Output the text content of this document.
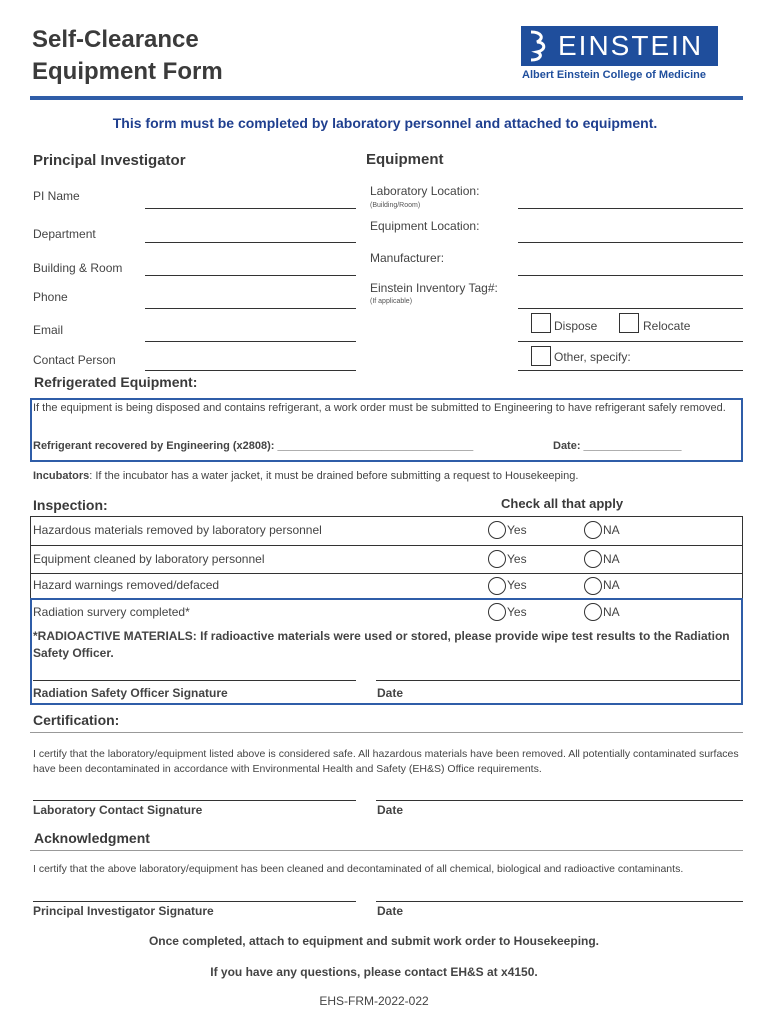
Self-Clearance
Equipment Form
EINSTEIN
Albert Einstein College of Medicine
This form must be completed by laboratory personnel and attached to equipment.
Principal Investigator
PI Name
Department
Building & Room
Phone
Email
Contact Person
Equipment
Laboratory Location:
(Building/Room)
Equipment Location:
Manufacturer:
Einstein Inventory Tag#:
(If applicable)
Dispose	Relocate
Other, specify:
Refrigerated Equipment:
If the equipment is being disposed and contains refrigerant, a work order must be submitted to Engineering to have refrigerant safely removed.
Refrigerant recovered by Engineering (x2808): ________________________________	Date: ________________
Incubators: If the incubator has a water jacket, it must be drained before submitting a request to Housekeeping.
Inspection:	Check all that apply
Hazardous materials removed by laboratory personnel	Yes	NA
Equipment cleaned by laboratory personnel	Yes	NA
Hazard warnings removed/defaced	Yes	NA
Radiation survery completed*	Yes	NA
*RADIOACTIVE MATERIALS: If radioactive materials were used or stored, please provide wipe test results to the Radiation Safety Officer.
Radiation Safety Officer Signature	Date
Certification:
I certify that the laboratory/equipment listed above is considered safe. All hazardous materials have been removed. All potentially contaminated surfaces have been decontaminated in accordance with Environmental Health and Safety (EH&S) Office requirements.
Laboratory Contact Signature	Date
Acknowledgment
I certify that the above laboratory/equipment has been cleaned and decontaminated of all chemical, biological and radioactive contaminants.
Principal Investigator Signature	Date
Once completed, attach to equipment and submit work order to Housekeeping.
If you have any questions, please contact EH&S at x4150.
EHS-FRM-2022-022
